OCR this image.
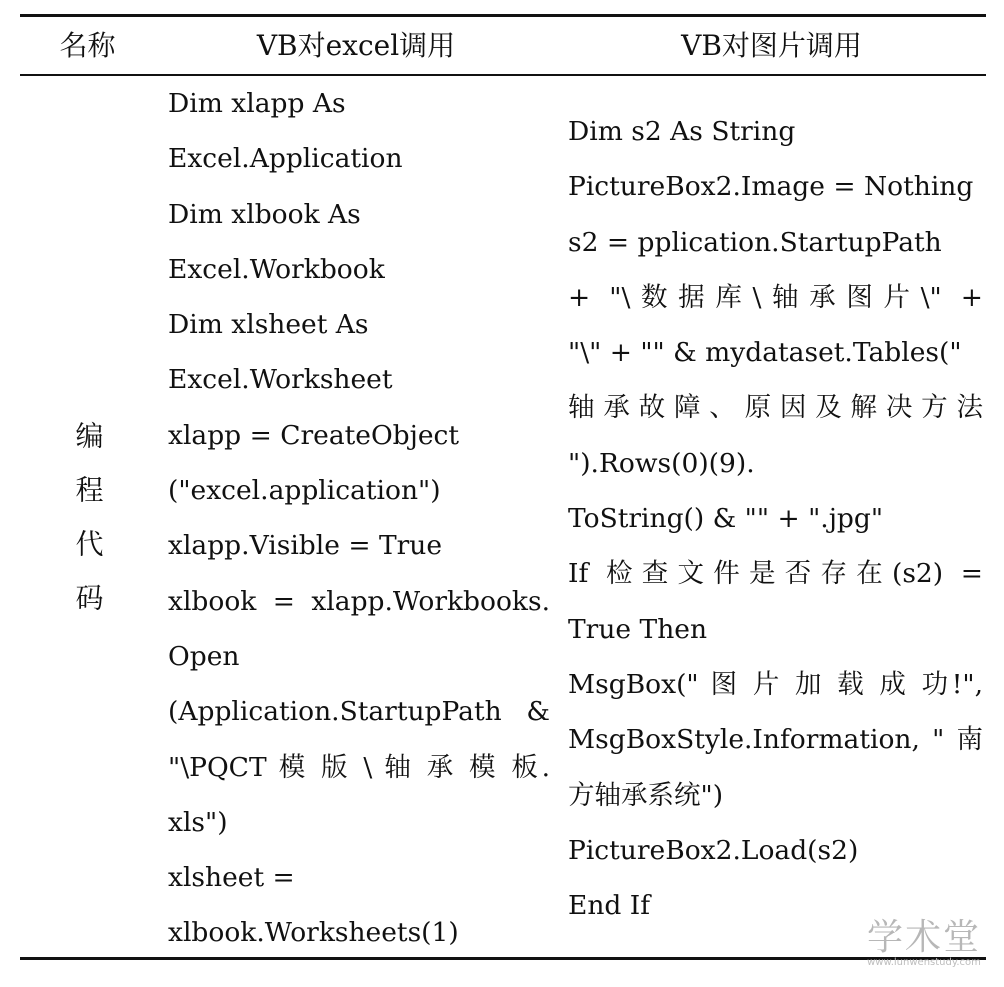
名称	VB对excel调用	VB对图片调用
编程代码
Dim xlapp As
Excel.Application
Dim xlbook As
Excel.Workbook
Dim xlsheet As
Excel.Worksheet
xlapp = CreateObject
("excel.application")
xlapp.Visible = True
xlbook = xlapp.Workbooks.
Open
(Application.StartupPath &
"\PQCT 模 版 \ 轴 承 模 板.
xls")
xlsheet =
xlbook.Worksheets(1)
Dim s2 As String
PictureBox2.Image = Nothing
s2 = pplication.StartupPath
+ "\数据库\轴承图片\" +
"\" + "" & mydataset.Tables("
轴承故障、原因及解决方法
").Rows(0)(9).
ToString() & "" + ".jpg"
If 检查文件是否存在(s2) =
True Then
MsgBox(" 图 片 加 载 成 功!",
MsgBoxStyle.Information, " 南
方轴承系统")
PictureBox2.Load(s2)
End If
学术堂
www.lunwenstudy.com
